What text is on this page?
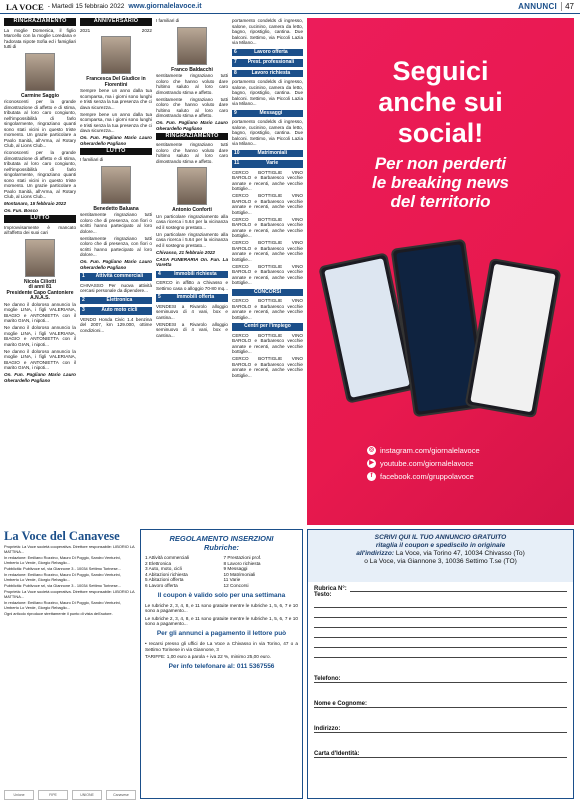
LA VOCE - Martedì 15 febbraio 2022 www.giornalelavoce.it	ANNUNCI	47
RINGRAZIAMENTO

La moglie Domenica, il figlio Marcello con la moglie Loredana e l'adorata nipote Sofia ed i famigliari tutti di

Carmine Saggio

riconoscenti per la grande dimostrazione di affetto e di stima, tributata al loro caro congiunto, nell'impossibilità di farlo singolarmente, ringraziano quanti sono stati vicini in questo triste momento. Un grazie particolare a Paolo Sanità, all'Arma, al Rotary Club, al Lions Club...

riconoscenti per la grande dimostrazione di affetto e di stima, tributata al loro caro congiunto, nell'impossibilità di farlo singolarmente, ringraziano quanti sono stati vicini in questo triste momento. Un grazie particolare a Paolo Sanità, all'Arma, al Rotary Club, al Lions Club...

Montanaro, 15 febbraio 2022

On. Fun. Bosco

LUTTO

Improvvisamente è mancato all'affetto dei suoi cari

Nicola Ciliotti
di anni 81
Presidente Capo Cantoniere A.N.A.S.

Ne danno il doloroso annuncio la moglie LINA, i figli VALERIANA, BIAGIO e ANTONIETTA con il marito GIAN, i nipoti...

Ne danno il doloroso annuncio la moglie LINA, i figli VALERIANA, BIAGIO e ANTONIETTA con il marito GIAN, i nipoti...

Ne danno il doloroso annuncio la moglie LINA, i figli VALERIANA, BIAGIO e ANTONIETTA con il marito GIAN, i nipoti...

On. Fun. Pagliano Mario Lauro Gherardello Pagliano

ANNIVERSARIO
2021	2022
Francesca Del Giudice in Fiorentini

Sempre bene un anno dalla tua scomparsa, ma i giorni sono lunghi e tristi senza la tua presenza che ci dava sicurezza...

Sempre bene un anno dalla tua scomparsa, ma i giorni sono lunghi e tristi senza la tua presenza che ci dava sicurezza...

On. Fun. Pagliano Mario Lauro Gherardello Pagliano

LUTTO

I familiari di

Benedetto Baluana

sentitamente ringraziano tutti coloro che di presenza, con fiori o scritti hanno partecipato al loro dolore...

sentitamente ringraziano tutti coloro che di presenza, con fiori o scritti hanno partecipato al loro dolore...

On. Fun. Pagliano Mario Lauro Gherardello Pagliano

1 Attività commerciali

CHIVASSO Per nuova attività cercasi personale da dipendere...

2	Elettronica
3	Auto moto cicli

VENDO Honda Civic 1.4 benzina del 2007, km 129.000, ottime condizioni...

I familiari di

Franco Baldacchi

sentitamente ringraziano tutti coloro che hanno voluto dare l'ultimo saluto al loro caro dimostrando stima e affetto.

sentitamente ringraziano tutti coloro che hanno voluto dare l'ultimo saluto al loro caro dimostrando stima e affetto.

On. Fun. Pagliano Mario Lauro Gherardello Pagliano

RINGRAZIAMENTO

sentitamente ringraziano tutti coloro che hanno voluto dare l'ultimo saluto al loro caro dimostrando stima e affetto.

Antonio Conforti

Un particolare ringraziamento alla casa ricerca i 5.64 per la vicinanza ed il sostegno prestato...

Un particolare ringraziamento alla casa ricerca i 5.64 per la vicinanza ed il sostegno prestato...

Chivasso, 21 febbraio 2022

CASA FUNERARIA On. Fun. La Varetta

4	Immobili richiesta

CERCO in affitto a Chivasso e Settimo casa o alloggio 70-80 mq...

5	Immobili offerta

VENDESI a Rivarolo alloggio seminuovo di 4 vani, box e cantina...

VENDESI a Rivarolo alloggio seminuovo di 4 vani, box e cantina...

portamento condelds di ingresso, salone, cucinino, camera da letto, bagno, ripostiglio, cantina. Due balconi. Settimo, via Piccoli Lazia via Milano...

6	Lavoro offerta
7 Prest. professionali
8	Lavoro richiesta

portamento condelds di ingresso, salone, cucinino, camera da letto, bagno, ripostiglio, cantina. Due balconi. Settimo, via Piccoli Lazia via Milano...

9	Messaggi

portamento condelds di ingresso, salone, cucinino, camera da letto, bagno, ripostiglio, cantina. Due balconi. Settimo, via Piccoli Lazia via Milano...

10	Matrimoniali
11	Varie

CERCO BOTTIGLIE VINO BAROLO e Barbaresco vecchie annate e recenti, anche vecchie bottiglie...

CERCO BOTTIGLIE VINO BAROLO e Barbaresco vecchie annate e recenti, anche vecchie bottiglie...

CERCO BOTTIGLIE VINO BAROLO e Barbaresco vecchie annate e recenti, anche vecchie bottiglie...

CERCO BOTTIGLIE VINO BAROLO e Barbaresco vecchie annate e recenti, anche vecchie bottiglie...

CERCO BOTTIGLIE VINO BAROLO e Barbaresco vecchie annate e recenti, anche vecchie bottiglie...

CONCORSI

CERCO BOTTIGLIE VINO BAROLO e Barbaresco vecchie annate e recenti, anche vecchie bottiglie...

Centri per l'impiego

CERCO BOTTIGLIE VINO BAROLO e Barbaresco vecchie annate e recenti, anche vecchie bottiglie...

CERCO BOTTIGLIE VINO BAROLO e Barbaresco vecchie annate e recenti, anche vecchie bottiglie...

Seguici
anche sui
social!
Per non perderti
le breaking news
del territorio
◎ instagram.com/giornalelavoce
▶ youtube.com/giornalelavoce
f	facebook.com/gruppolavoce
La Voce del Canavese

Proprietà: La Voce società cooperativa. Direttore responsabile: LIBORIO LA MATTINA...

In redazione: Emiliano Rozzino, Mauro Di Poggio, Sandro Venturini, Umberto Lo Verde, Giorgio Rebaglio...

Pubblicità: Publivoce srl, via Giannone 3 - 10034 Settimo Torinese...

In redazione: Emiliano Rozzino, Mauro Di Poggio, Sandro Venturini, Umberto Lo Verde, Giorgio Rebaglio...

Pubblicità: Publivoce srl, via Giannone 3 - 10034 Settimo Torinese...

Proprietà: La Voce società cooperativa. Direttore responsabile: LIBORIO LA MATTINA...

In redazione: Emiliano Rozzino, Mauro Di Poggio, Sandro Venturini, Umberto Lo Verde, Giorgio Rebaglio...

Ogni articolo riproduce strettamente il punto di vista dell'autore.

Unione	FIPE	UNIONE	Canavese
REGOLAMENTO INSERZIONI
Rubriche:
1 Attività commerciali
2 Elettronica
3 Auto, moto, cicli
4 Abitazioni richiesta
5 Abitazioni offerta
6 Lavoro offerta
7 Prestazioni prof.
8 Lavoro richiesta
9 Messaggi
10 Matrimoniali
11 Varie
12 Concorsi
Il coupon è valido solo per una settimana

Le rubriche 2, 3, 4, 8, e 11 sono gratuite mentre le rubriche 1, 5, 6, 7 e 10 sono a pagamento...

Le rubriche 2, 3, 4, 8, e 11 sono gratuite mentre le rubriche 1, 5, 6, 7 e 10 sono a pagamento...

Per gli annunci a pagamento il lettore può

• recarsi presso gli uffici de La Voce a Chivasso in via Torino, 47 o a Settimo Torinese in via Giannone, 3

TARIFFE: 1,00 euro a parola + iva 22 %, minimo 25,00 euro.

Per info telefonare al: 011 5367556
SCRIVI QUI IL TUO ANNUNCIO GRATUITO
ritaglia il coupon e spediscilo in originale
all'indirizzo: La Voce, via Torino 47, 10034 Chivasso (To)
o La Voce, via Giannone 3, 10036 Settimo T.se (TO)
Rubrica N°:
Testo:
Telefono:
Nome e Cognome:
Indirizzo:
Carta d'Identità:
